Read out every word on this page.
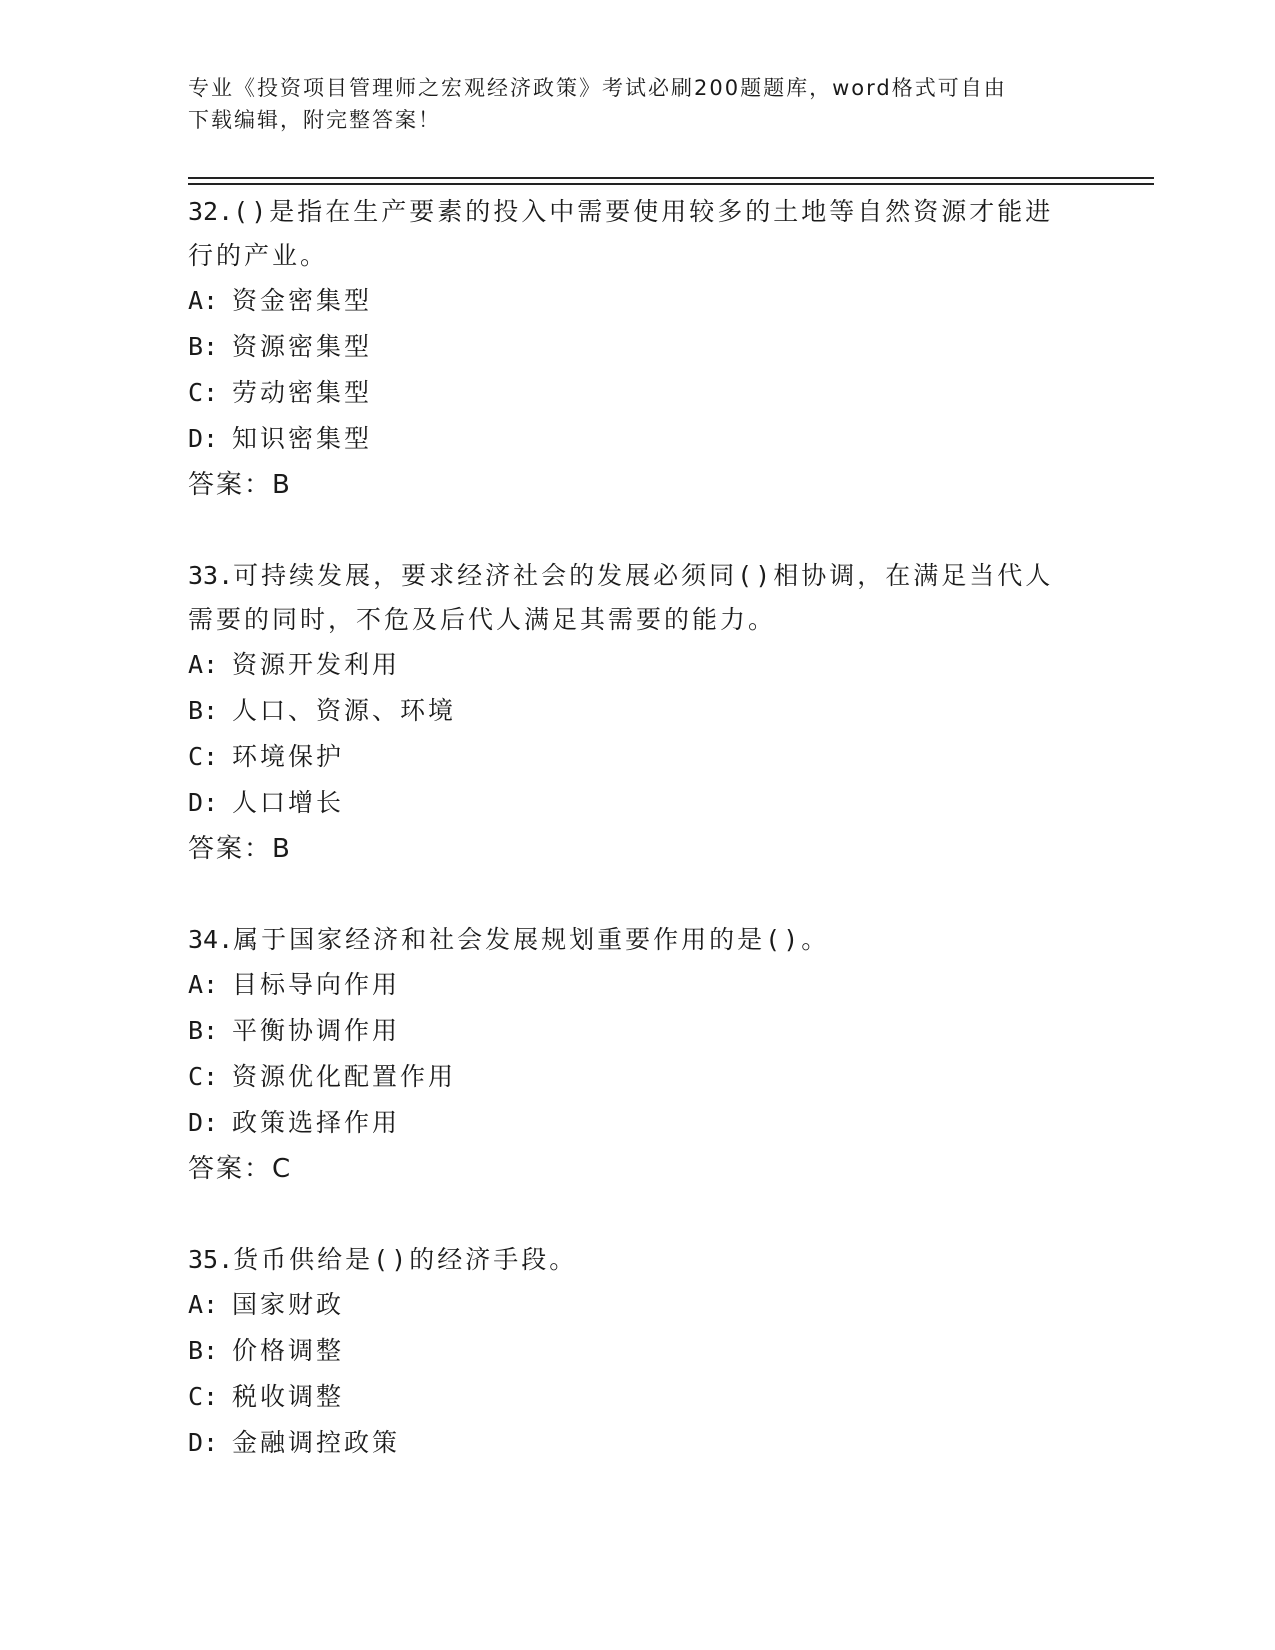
专业《投资项目管理师之宏观经济政策》考试必刷200题题库，word格式可自由
下载编辑，附完整答案！
32.()是指在生产要素的投入中需要使用较多的土地等自然资源才能进
行的产业。
A: 资金密集型
B: 资源密集型
C: 劳动密集型
D: 知识密集型
答案：B
33.可持续发展，要求经济社会的发展必须同()相协调，在满足当代人
需要的同时，不危及后代人满足其需要的能力。
A: 资源开发利用
B: 人口、资源、环境
C: 环境保护
D: 人口增长
答案：B
34.属于国家经济和社会发展规划重要作用的是()。
A: 目标导向作用
B: 平衡协调作用
C: 资源优化配置作用
D: 政策选择作用
答案：C
35.货币供给是()的经济手段。
A: 国家财政
B: 价格调整
C: 税收调整
D: 金融调控政策
